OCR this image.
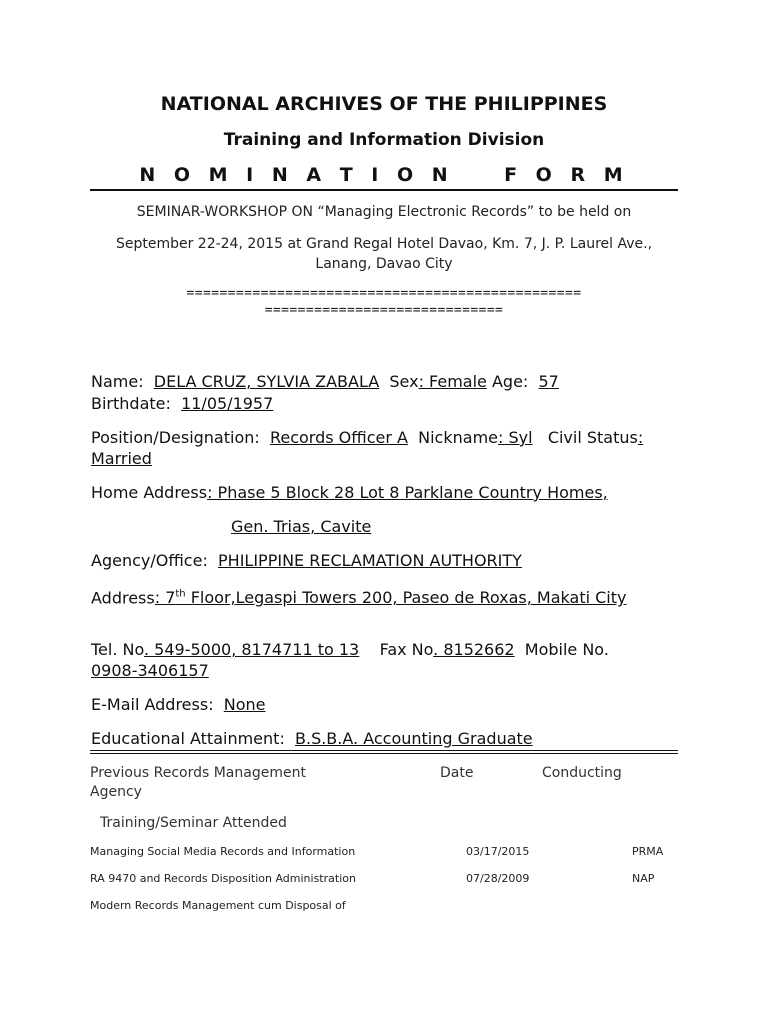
NATIONAL ARCHIVES OF THE PHILIPPINES
Training and Information Division
N O M I N A T I O N    F O R M
SEMINAR-WORKSHOP ON “Managing Electronic Records” to be held on
September 22-24, 2015 at Grand Regal Hotel Davao, Km. 7, J. P. Laurel Ave., Lanang, Davao City
================================================ =============================
Name: DELA CRUZ, SYLVIA ZABALA Sex: Female Age: 57
Birthdate: 11/05/1957
Position/Designation: Records Officer A Nickname: Syl Civil Status: Married
Home Address: Phase 5 Block 28 Lot 8 Parklane Country Homes,
Gen. Trias, Cavite
Agency/Office: PHILIPPINE RECLAMATION AUTHORITY
Address: 7th Floor,Legaspi Towers 200, Paseo de Roxas, Makati City
Tel. No. 549-5000, 8174711 to 13 Fax No. 8152662 Mobile No.
0908-3406157
E-Mail Address: None
Educational Attainment: B.S.B.A. Accounting Graduate
Previous Records Management	Date	Conducting
Agency
Training/Seminar Attended
Managing Social Media Records and Information	03/17/2015	PRMA
RA 9470 and Records Disposition Administration	07/28/2009	NAP
Modern Records Management cum Disposal of
